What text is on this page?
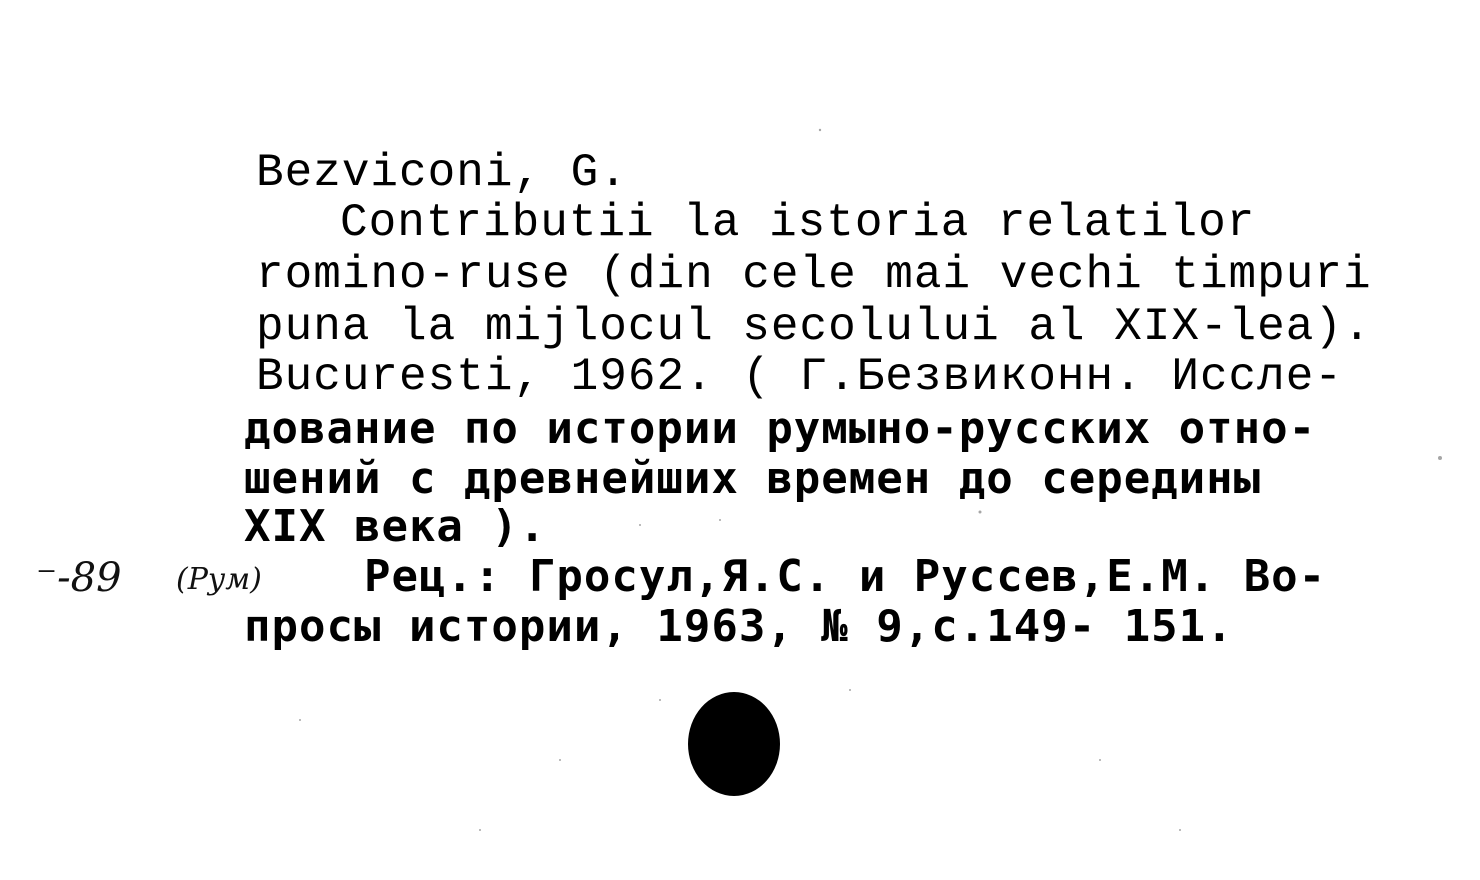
Bezviconi, G.
Contributii la istoria relatilor
romino-ruse (din cele mai vechi timpuri
puna la mijlocul secolului al XIX-lea).
Bucuresti, 1962. ( Г.Безвиконн. Иссле-
дование по истории румыно-русских отно-
шений с древнейших времен до середины
XIX века ).
⁻-89 (Рум) Рец.: Гросул,Я.С. и Руссев,Е.М. Во-
просы истории, 1963, № 9,с.149- 151.
